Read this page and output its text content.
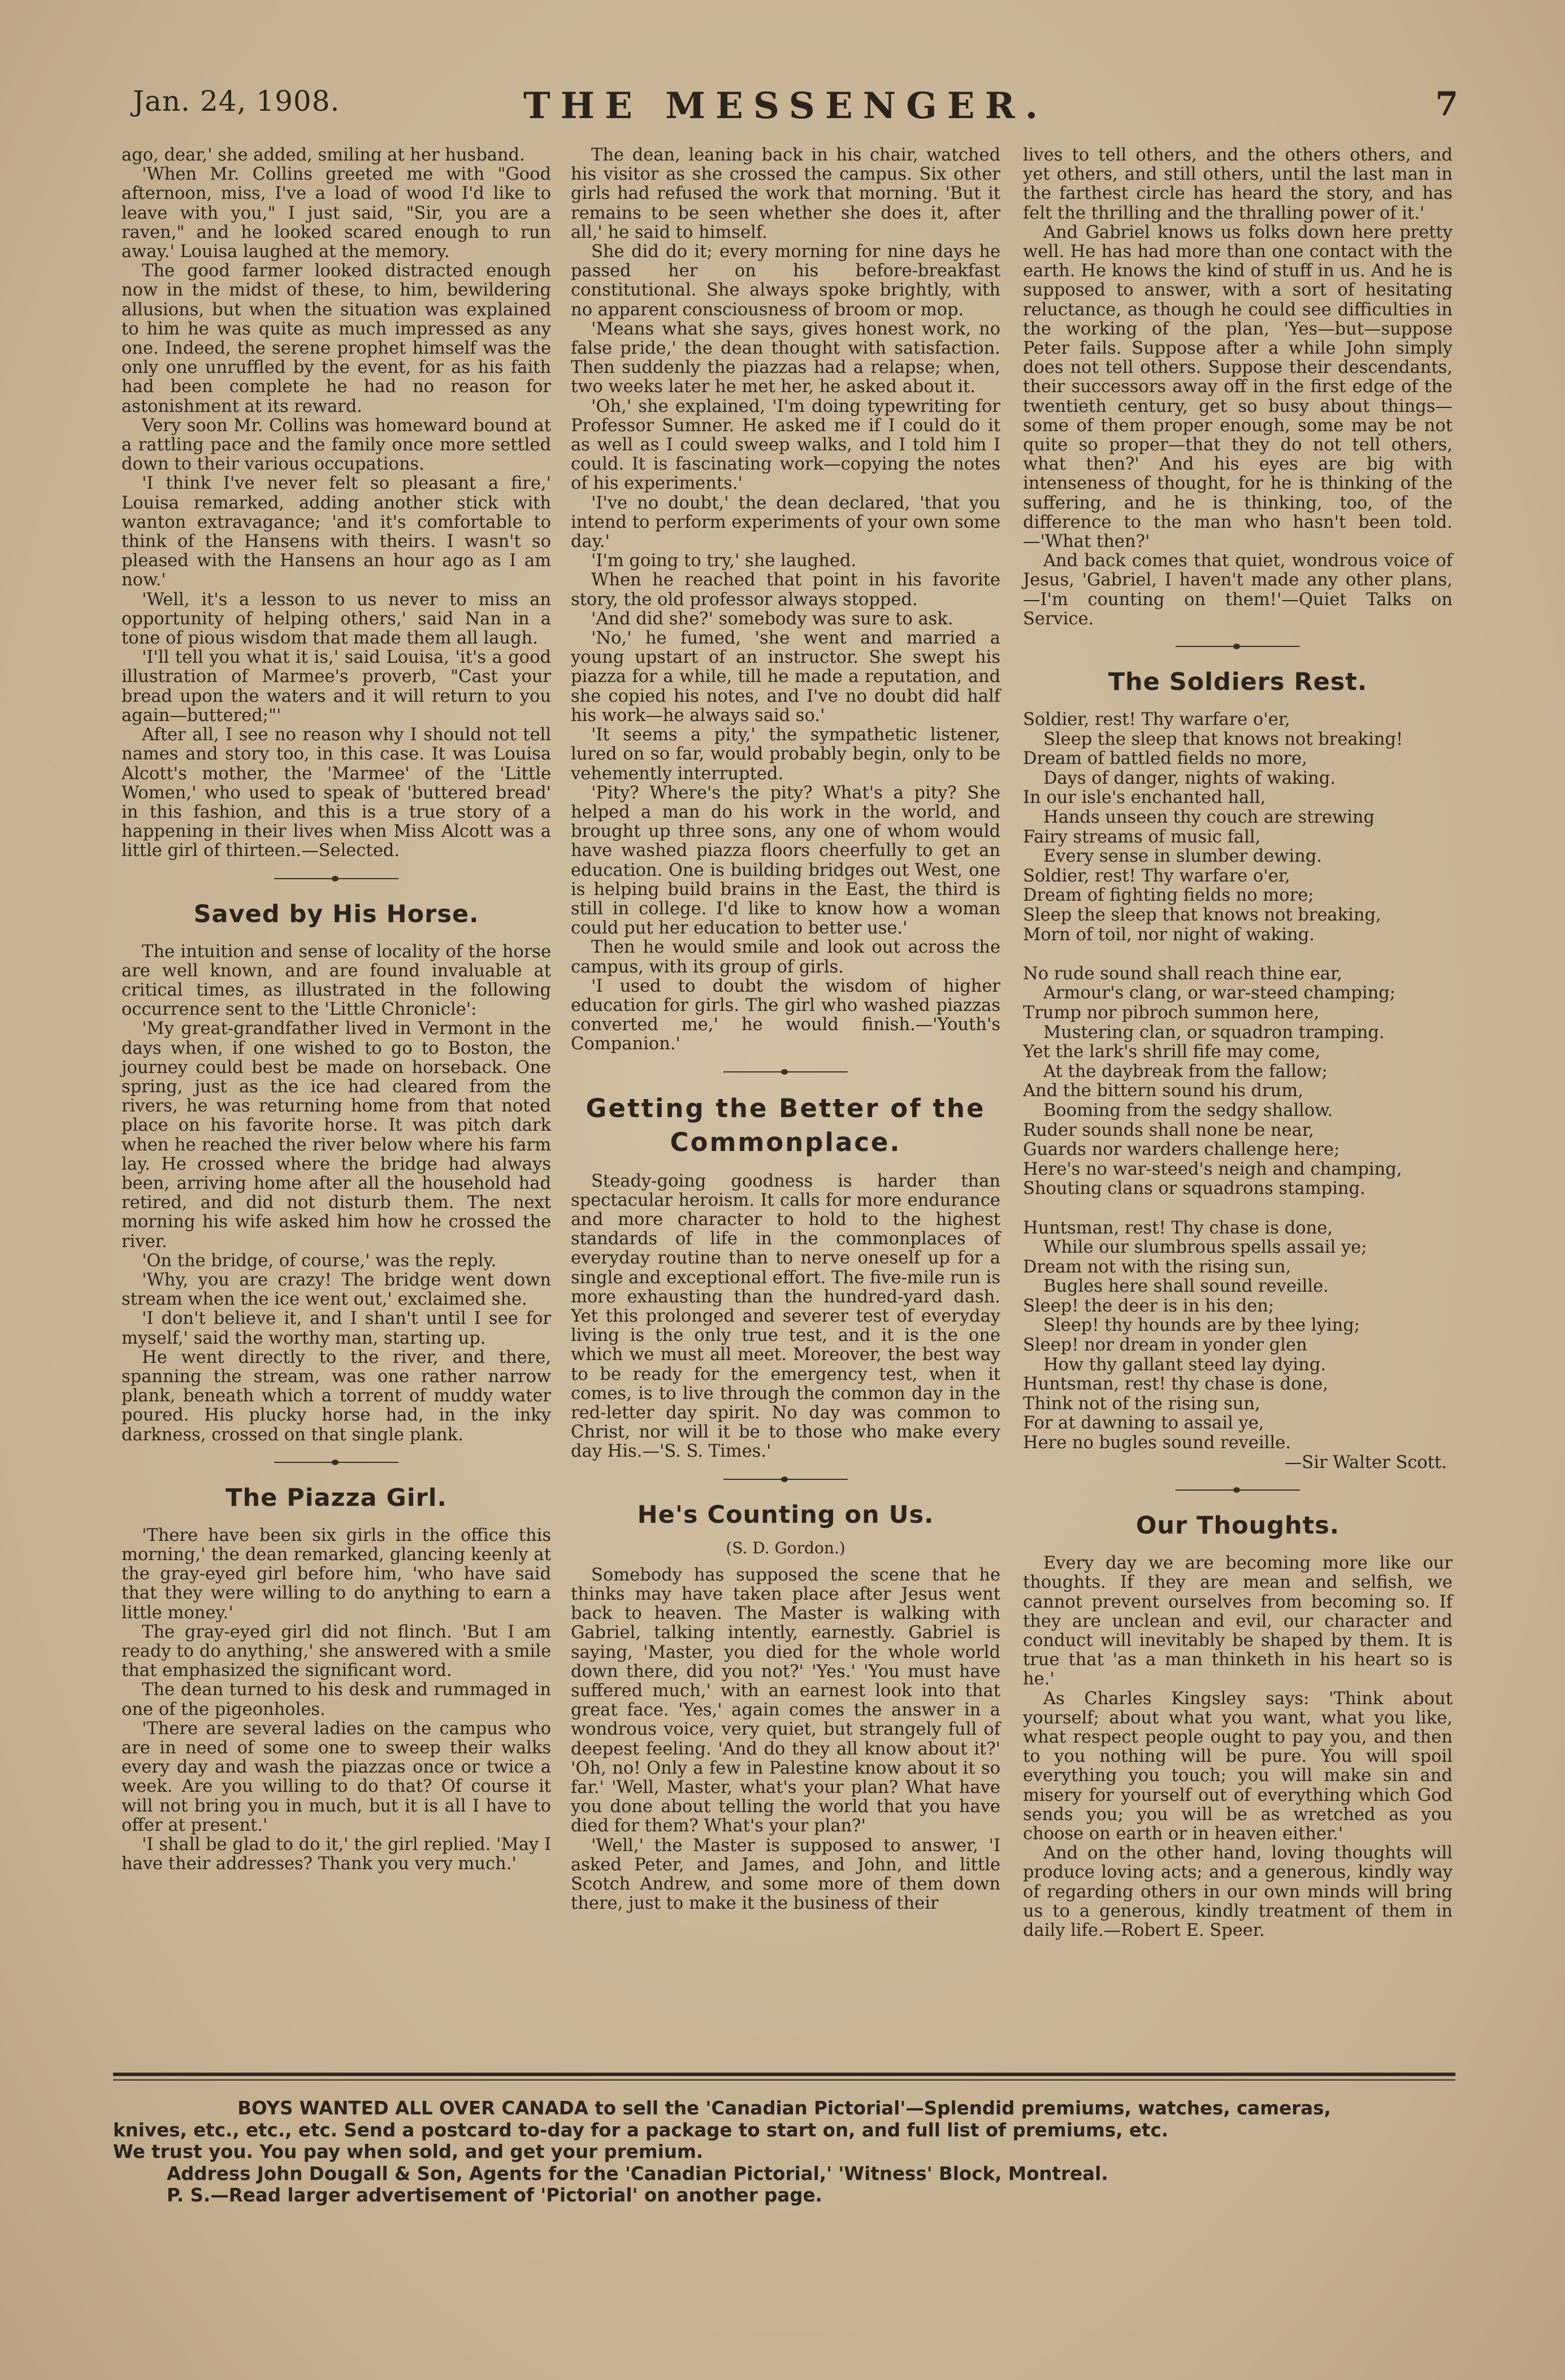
Jan. 24, 1908.	THE MESSENGER.	7

ago, dear,' she added, smiling at her husband.

'When Mr. Collins greeted me with "Good afternoon, miss, I've a load of wood I'd like to leave with you," I just said, "Sir, you are a raven," and he looked scared enough to run away.' Louisa laughed at the memory.

The good farmer looked distracted enough now in the midst of these, to him, bewildering allusions, but when the situation was explained to him he was quite as much impressed as any one. Indeed, the serene prophet himself was the only one unruffled by the event, for as his faith had been complete he had no reason for astonishment at its reward.

Very soon Mr. Collins was homeward bound at a rattling pace and the family once more settled down to their various occupations.

'I think I've never felt so pleasant a fire,' Louisa remarked, adding another stick with wanton extravagance; 'and it's comfortable to think of the Hansens with theirs. I wasn't so pleased with the Hansens an hour ago as I am now.'

'Well, it's a lesson to us never to miss an opportunity of helping others,' said Nan in a tone of pious wisdom that made them all laugh.

'I'll tell you what it is,' said Louisa, 'it's a good illustration of Marmee's proverb, "Cast your bread upon the waters and it will return to you again—buttered;"'

After all, I see no reason why I should not tell names and story too, in this case. It was Louisa Alcott's mother, the 'Marmee' of the 'Little Women,' who used to speak of 'buttered bread' in this fashion, and this is a true story of a happening in their lives when Miss Alcott was a little girl of thirteen.—Selected.

Saved by His Horse.

The intuition and sense of locality of the horse are well known, and are found invaluable at critical times, as illustrated in the following occurrence sent to the 'Little Chronicle':

'My great-grandfather lived in Vermont in the days when, if one wished to go to Boston, the journey could best be made on horseback. One spring, just as the ice had cleared from the rivers, he was returning home from that noted place on his favorite horse. It was pitch dark when he reached the river below where his farm lay. He crossed where the bridge had always been, arriving home after all the household had retired, and did not disturb them. The next morning his wife asked him how he crossed the river.

'On the bridge, of course,' was the reply.

'Why, you are crazy! The bridge went down stream when the ice went out,' exclaimed she.

'I don't believe it, and I shan't until I see for myself,' said the worthy man, starting up.

He went directly to the river, and there, spanning the stream, was one rather narrow plank, beneath which a torrent of muddy water poured. His plucky horse had, in the inky darkness, crossed on that single plank.

The Piazza Girl.

'There have been six girls in the office this morning,' the dean remarked, glancing keenly at the gray-eyed girl before him, 'who have said that they were willing to do anything to earn a little money.'

The gray-eyed girl did not flinch. 'But I am ready to do anything,' she answered with a smile that emphasized the significant word.

The dean turned to his desk and rummaged in one of the pigeonholes.

'There are several ladies on the campus who are in need of some one to sweep their walks every day and wash the piazzas once or twice a week. Are you willing to do that? Of course it will not bring you in much, but it is all I have to offer at present.'

'I shall be glad to do it,' the girl replied. 'May I have their addresses? Thank you very much.'

The dean, leaning back in his chair, watched his visitor as she crossed the campus. Six other girls had refused the work that morning. 'But it remains to be seen whether she does it, after all,' he said to himself.

She did do it; every morning for nine days he passed her on his before-breakfast constitutional. She always spoke brightly, with no apparent consciousness of broom or mop.

'Means what she says, gives honest work, no false pride,' the dean thought with satisfaction. Then suddenly the piazzas had a relapse; when, two weeks later he met her, he asked about it.

'Oh,' she explained, 'I'm doing typewriting for Professor Sumner. He asked me if I could do it as well as I could sweep walks, and I told him I could. It is fascinating work—copying the notes of his experiments.'

'I've no doubt,' the dean declared, 'that you intend to perform experiments of your own some day.'

'I'm going to try,' she laughed.

When he reached that point in his favorite story, the old professor always stopped.

'And did she?' somebody was sure to ask.

'No,' he fumed, 'she went and married a young upstart of an instructor. She swept his piazza for a while, till he made a reputation, and she copied his notes, and I've no doubt did half his work—he always said so.'

'It seems a pity,' the sympathetic listener, lured on so far, would probably begin, only to be vehemently interrupted.

'Pity? Where's the pity? What's a pity? She helped a man do his work in the world, and brought up three sons, any one of whom would have washed piazza floors cheerfully to get an education. One is building bridges out West, one is helping build brains in the East, the third is still in college. I'd like to know how a woman could put her education to better use.'

Then he would smile and look out across the campus, with its group of girls.

'I used to doubt the wisdom of higher education for girls. The girl who washed piazzas converted me,' he would finish.—'Youth's Companion.'

Getting the Better of the
Commonplace.

Steady-going goodness is harder than spectacular heroism. It calls for more endurance and more character to hold to the highest standards of life in the commonplaces of everyday routine than to nerve oneself up for a single and exceptional effort. The five-mile run is more exhausting than the hundred-yard dash. Yet this prolonged and severer test of everyday living is the only true test, and it is the one which we must all meet. Moreover, the best way to be ready for the emergency test, when it comes, is to live through the common day in the red-letter day spirit. No day was common to Christ, nor will it be to those who make every day His.—'S. S. Times.'

He's Counting on Us.
(S. D. Gordon.)

Somebody has supposed the scene that he thinks may have taken place after Jesus went back to heaven. The Master is walking with Gabriel, talking intently, earnestly. Gabriel is saying, 'Master, you died for the whole world down there, did you not?' 'Yes.' 'You must have suffered much,' with an earnest look into that great face. 'Yes,' again comes the answer in a wondrous voice, very quiet, but strangely full of deepest feeling. 'And do they all know about it?' 'Oh, no! Only a few in Palestine know about it so far.' 'Well, Master, what's your plan? What have you done about telling the world that you have died for them? What's your plan?'

'Well,' the Master is supposed to answer, 'I asked Peter, and James, and John, and little Scotch Andrew, and some more of them down there, just to make it the business of their

lives to tell others, and the others others, and yet others, and still others, until the last man in the farthest circle has heard the story, and has felt the thrilling and the thralling power of it.'

And Gabriel knows us folks down here pretty well. He has had more than one contact with the earth. He knows the kind of stuff in us. And he is supposed to answer, with a sort of hesitating reluctance, as though he could see difficulties in the working of the plan, 'Yes—but—suppose Peter fails. Suppose after a while John simply does not tell others. Suppose their descendants, their successors away off in the first edge of the twentieth century, get so busy about things—some of them proper enough, some may be not quite so proper—that they do not tell others, what then?' And his eyes are big with intenseness of thought, for he is thinking of the suffering, and he is thinking, too, of the difference to the man who hasn't been told.—'What then?'

And back comes that quiet, wondrous voice of Jesus, 'Gabriel, I haven't made any other plans,—I'm counting on them!'—Quiet Talks on Service.

The Soldiers Rest.
Soldier, rest! Thy warfare o'er,
Sleep the sleep that knows not breaking!
Dream of battled fields no more,
Days of danger, nights of waking.
In our isle's enchanted hall,
Hands unseen thy couch are strewing
Fairy streams of music fall,
Every sense in slumber dewing.
Soldier, rest! Thy warfare o'er,
Dream of fighting fields no more;
Sleep the sleep that knows not breaking,
Morn of toil, nor night of waking.
No rude sound shall reach thine ear,
Armour's clang, or war-steed champing;
Trump nor pibroch summon here,
Mustering clan, or squadron tramping.
Yet the lark's shrill fife may come,
At the daybreak from the fallow;
And the bittern sound his drum,
Booming from the sedgy shallow.
Ruder sounds shall none be near,
Guards nor warders challenge here;
Here's no war-steed's neigh and champing,
Shouting clans or squadrons stamping.
Huntsman, rest! Thy chase is done,
While our slumbrous spells assail ye;
Dream not with the rising sun,
Bugles here shall sound reveille.
Sleep! the deer is in his den;
Sleep! thy hounds are by thee lying;
Sleep! nor dream in yonder glen
How thy gallant steed lay dying.
Huntsman, rest! thy chase is done,
Think not of the rising sun,
For at dawning to assail ye,
Here no bugles sound reveille.
—Sir Walter Scott.
Our Thoughts.

Every day we are becoming more like our thoughts. If they are mean and selfish, we cannot prevent ourselves from becoming so. If they are unclean and evil, our character and conduct will inevitably be shaped by them. It is true that 'as a man thinketh in his heart so is he.'

As Charles Kingsley says: 'Think about yourself; about what you want, what you like, what respect people ought to pay you, and then to you nothing will be pure. You will spoil everything you touch; you will make sin and misery for yourself out of everything which God sends you; you will be as wretched as you choose on earth or in heaven either.'

And on the other hand, loving thoughts will produce loving acts; and a generous, kindly way of regarding others in our own minds will bring us to a generous, kindly treatment of them in daily life.—Robert E. Speer.

BOYS WANTED ALL OVER CANADA to sell the 'Canadian Pictorial'—Splendid premiums, watches, cameras,
knives, etc., etc., etc. Send a postcard to-day for a package to start on, and full list of premiums, etc.
We trust you. You pay when sold, and get your premium.
Address John Dougall & Son, Agents for the 'Canadian Pictorial,' 'Witness' Block, Montreal.
P. S.—Read larger advertisement of 'Pictorial' on another page.
